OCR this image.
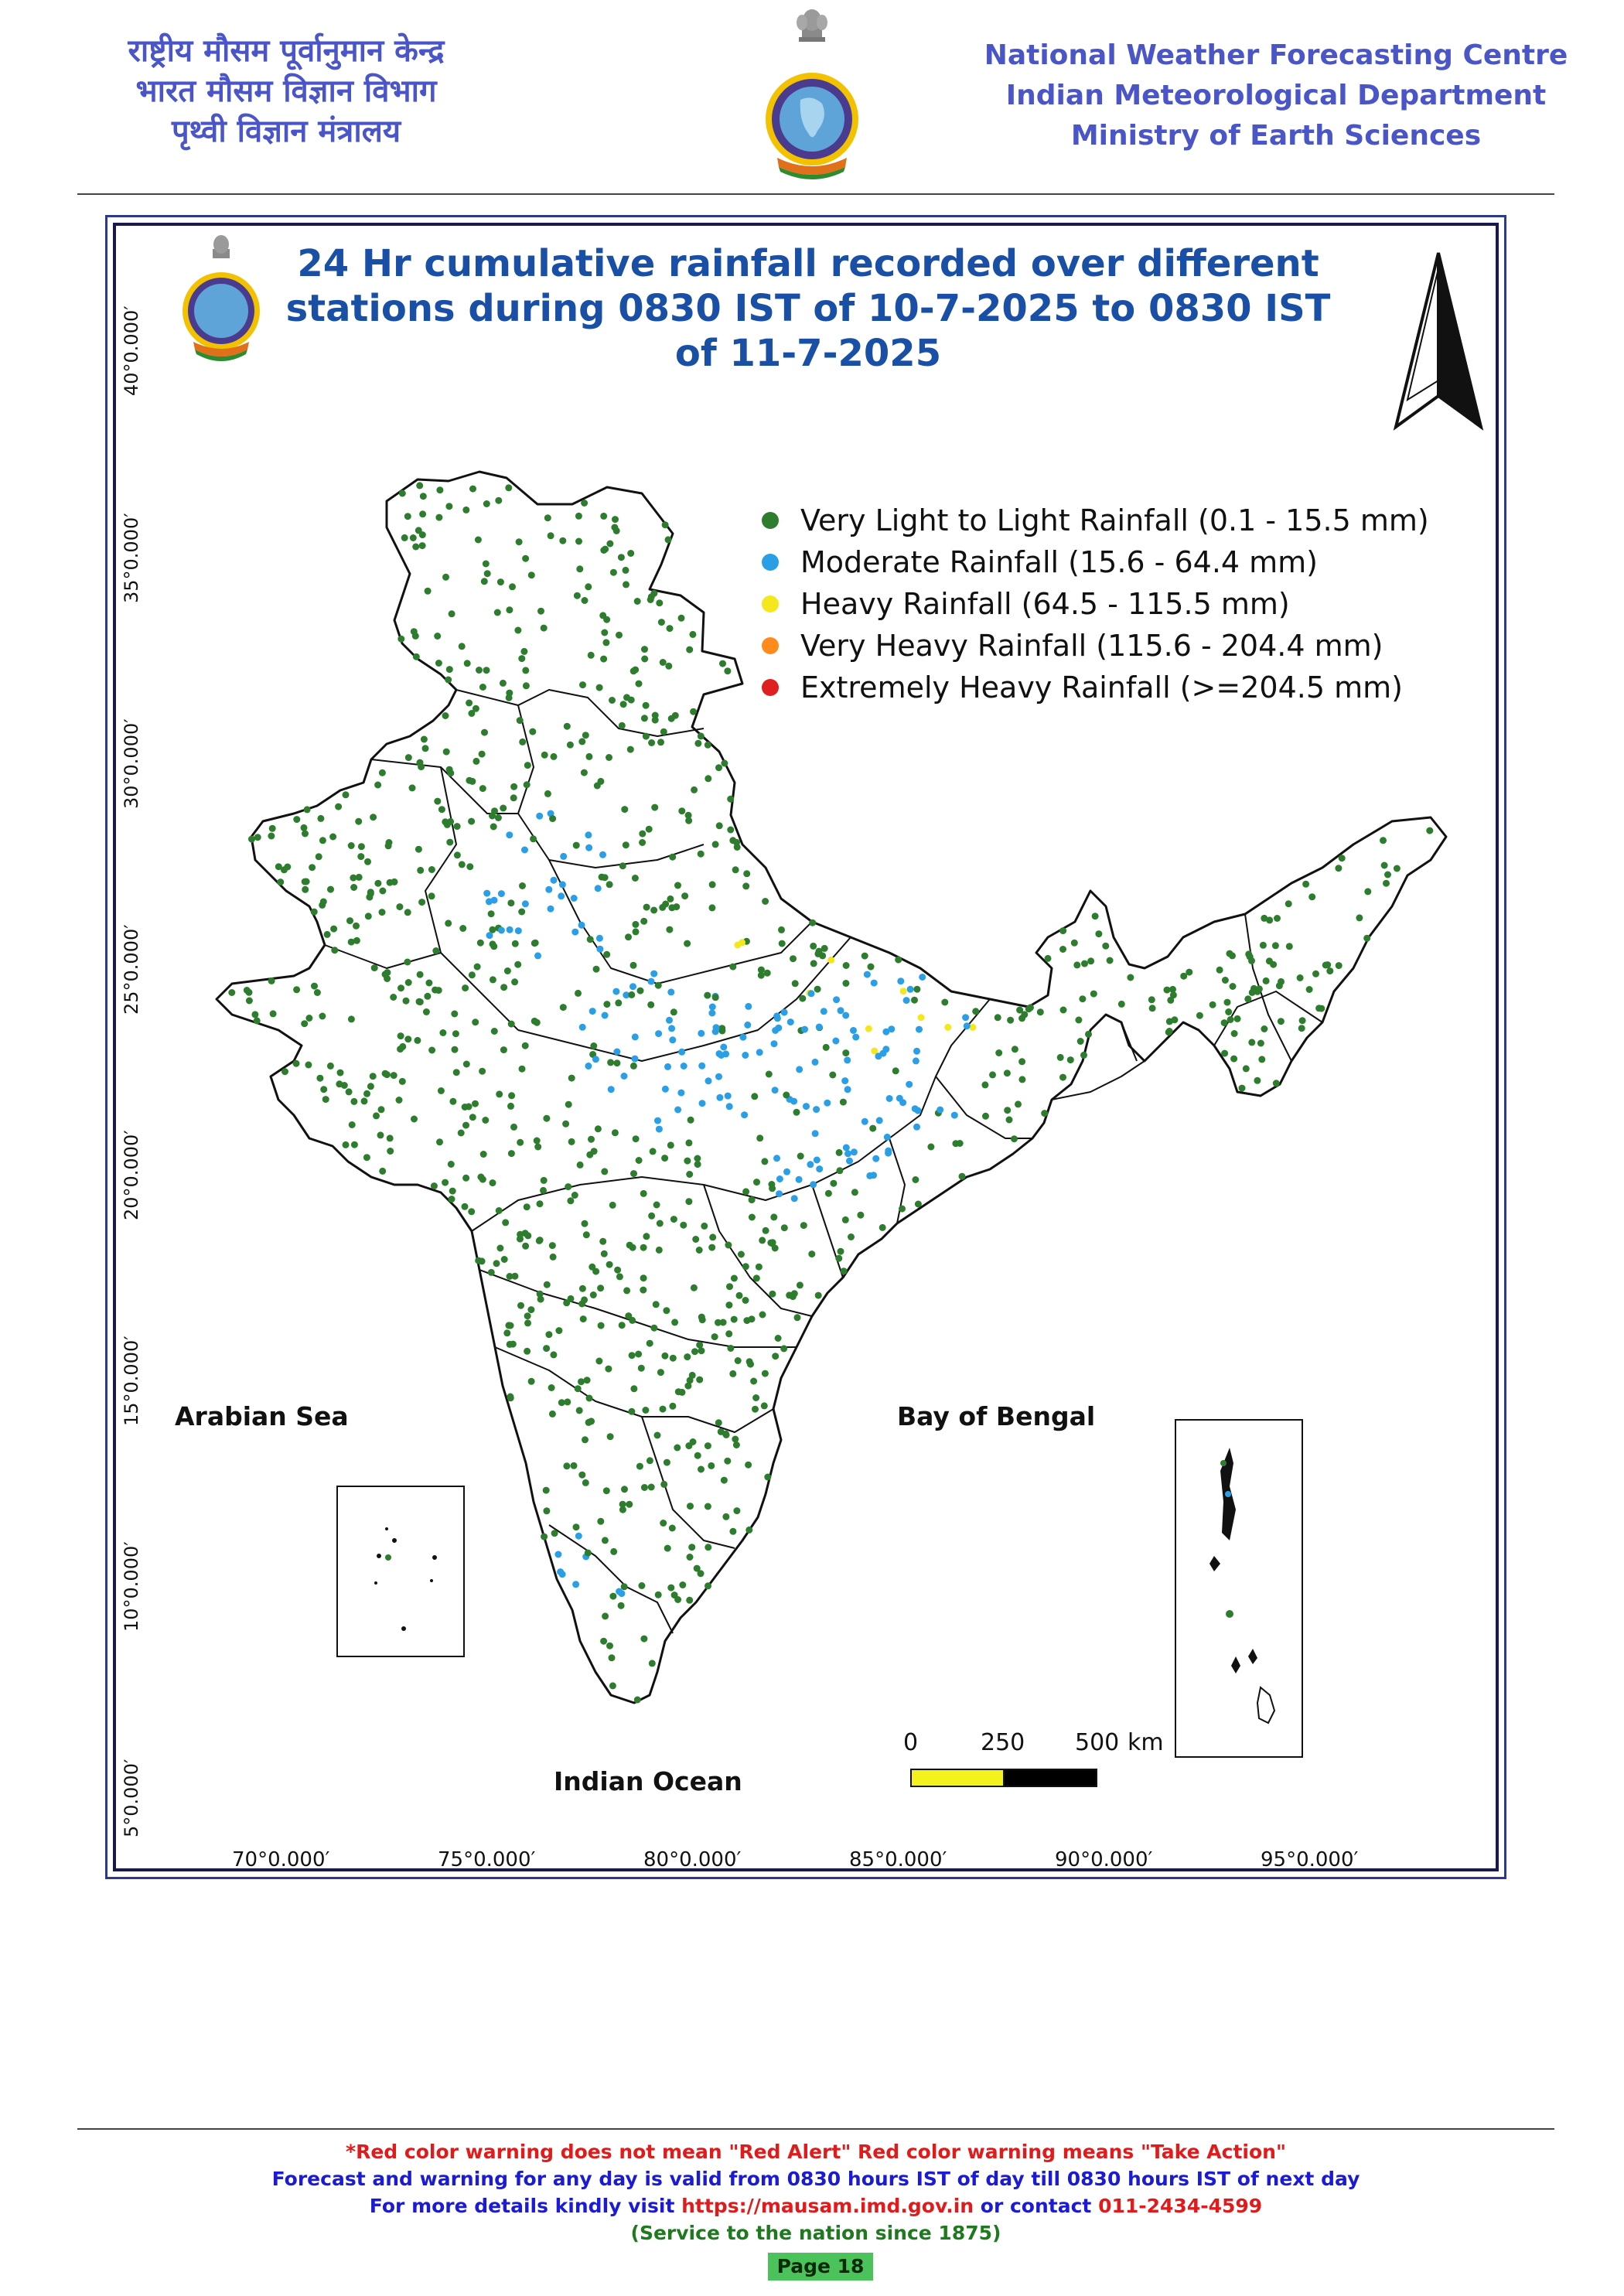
राष्ट्रीय मौसम पूर्वानुमान केन्द्र
भारत मौसम विज्ञान विभाग
पृथ्वी विज्ञान मंत्रालय
National Weather Forecasting Centre
Indian Meteorological Department
Ministry of Earth Sciences
24 Hr cumulative rainfall recorded over different
stations during 0830 IST of 10-7-2025 to 0830 IST
of 11-7-2025
Very Light to Light Rainfall (0.1 - 15.5 mm)
Moderate Rainfall (15.6 - 64.4 mm)
Heavy Rainfall (64.5 - 115.5 mm)
Very Heavy Rainfall (115.6 - 204.4 mm)
Extremely Heavy Rainfall (>=204.5 mm)
Arabian Sea	Bay of Bengal
Indian Ocean
40°0.000′
35°0.000′
30°0.000′
25°0.000′
20°0.000′
15°0.000′
10°0.000′
5°0.000′
70°0.000′	75°0.000′	80°0.000′	85°0.000′	90°0.000′	95°0.000′
0	250 500 km
*Red color warning does not mean "Red Alert" Red color warning means "Take Action"
Forecast and warning for any day is valid from 0830 hours IST of day till 0830 hours IST of next day
For more details kindly visit https://mausam.imd.gov.in or contact 011-2434-4599
(Service to the nation since 1875)
Page 18
